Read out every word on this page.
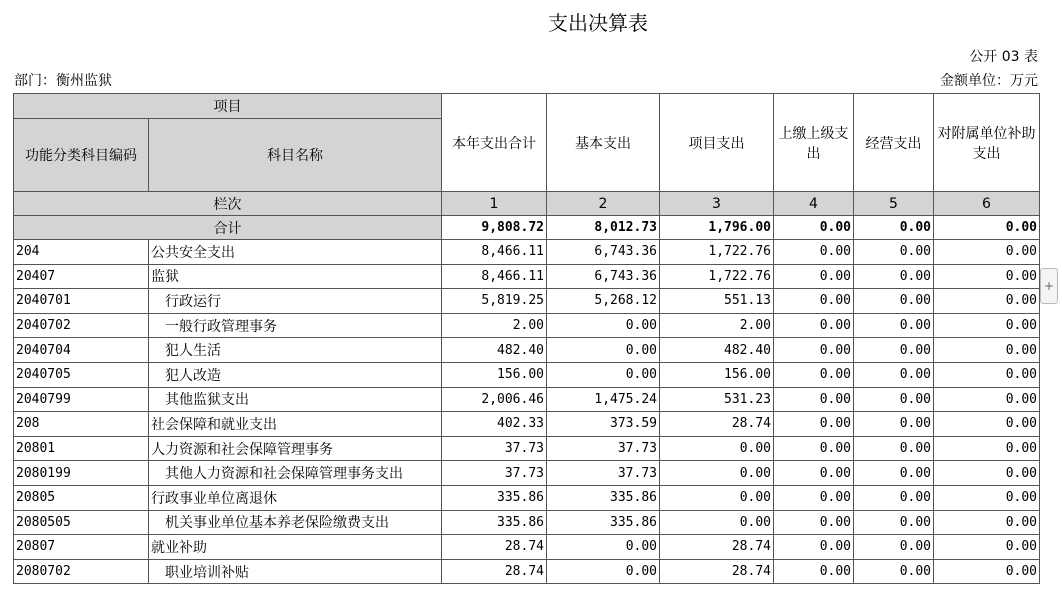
支出决算表
公开 03 表
部门：衡州监狱	金额单位：万元
项目		本年支出合计	基本支出	项目支出	上缴上级支出	经营支出	对附属单位补助支出
功能分类科目编码	科目名称						
栏次		1	2	3	4	5	6
合计		9,808.72	8,012.73	1,796.00	0.00	0.00	0.00
204	公共安全支出	8,466.11	6,743.36	1,722.76	0.00	0.00	0.00
20407	监狱	8,466.11	6,743.36	1,722.76	0.00	0.00	0.00
2040701	行政运行	5,819.25	5,268.12	551.13	0.00	0.00	0.00
2040702	一般行政管理事务	2.00	0.00	2.00	0.00	0.00	0.00
2040704	犯人生活	482.40	0.00	482.40	0.00	0.00	0.00
2040705	犯人改造	156.00	0.00	156.00	0.00	0.00	0.00
2040799	其他监狱支出	2,006.46	1,475.24	531.23	0.00	0.00	0.00
208	社会保障和就业支出	402.33	373.59	28.74	0.00	0.00	0.00
20801	人力资源和社会保障管理事务	37.73	37.73	0.00	0.00	0.00	0.00
2080199	其他人力资源和社会保障管理事务支出	37.73	37.73	0.00	0.00	0.00	0.00
20805	行政事业单位离退休	335.86	335.86	0.00	0.00	0.00	0.00
2080505	机关事业单位基本养老保险缴费支出	335.86	335.86	0.00	0.00	0.00	0.00
20807	就业补助	28.74	0.00	28.74	0.00	0.00	0.00
2080702	职业培训补贴	28.74	0.00	28.74	0.00	0.00	0.00
+
